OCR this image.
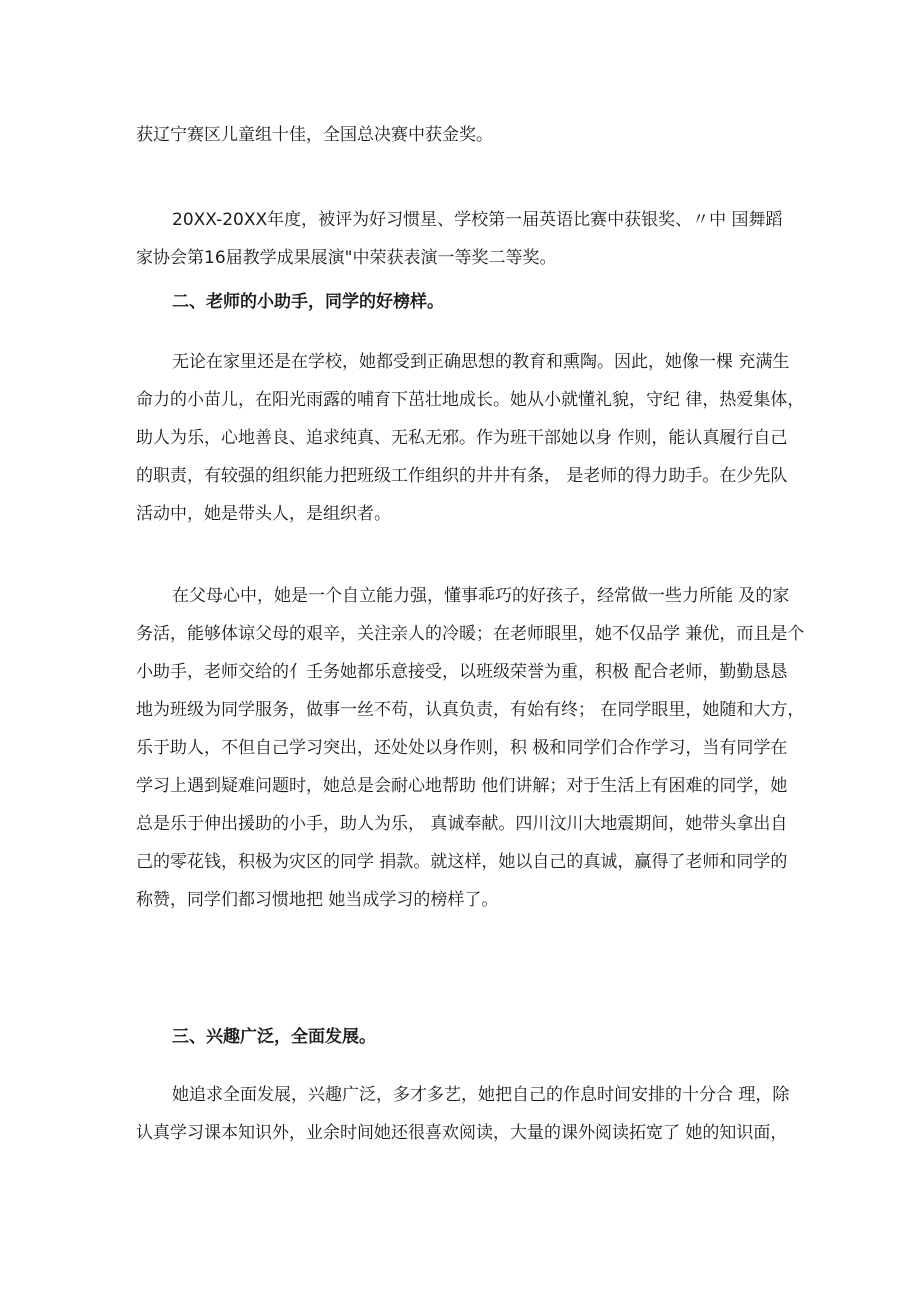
获辽宁赛区儿童组十佳，全国总决赛中获金奖。

20XX-20XX年度，被评为好习惯星、学校第一届英语比赛中获银奖、〃中 国舞蹈
家协会第16届教学成果展演"中荣获表演一等奖二等奖。

二、老师的小助手，同学的好榜样。

无论在家里还是在学校，她都受到正确思想的教育和熏陶。因此，她像一棵 充满生
命力的小苗儿，在阳光雨露的哺育下茁壮地成长。她从小就懂礼貌，守纪 律，热爱集体，
助人为乐，心地善良、追求纯真、无私无邪。作为班干部她以身 作则，能认真履行自己
的职责，有较强的组织能力把班级工作组织的井井有条， 是老师的得力助手。在少先队
活动中，她是带头人，是组织者。

在父母心中，她是一个自立能力强，懂事乖巧的好孩子，经常做一些力所能 及的家
务活，能够体谅父母的艰辛，关注亲人的冷暖；在老师眼里，她不仅品学 兼优，而且是个
小助手，老师交给的亻壬务她都乐意接受，以班级荣誉为重，积极 配合老师，勤勤恳恳
地为班级为同学服务，做事一丝不苟，认真负责，有始有终； 在同学眼里，她随和大方，
乐于助人，不但自己学习突出，还处处以身作则，积 极和同学们合作学习，当有同学在
学习上遇到疑难问题时，她总是会耐心地帮助 他们讲解；对于生活上有困难的同学，她
总是乐于伸出援助的小手，助人为乐， 真诚奉献。四川汶川大地震期间，她带头拿出自
己的零花钱，积极为灾区的同学 捐款。就这样，她以自己的真诚，赢得了老师和同学的
称赞，同学们都习惯地把 她当成学习的榜样了。

三、兴趣广泛，全面发展。

她追求全面发展，兴趣广泛，多才多艺，她把自己的作息时间安排的十分合 理，除
认真学习课本知识外，业余时间她还很喜欢阅读，大量的课外阅读拓宽了 她的知识面，
